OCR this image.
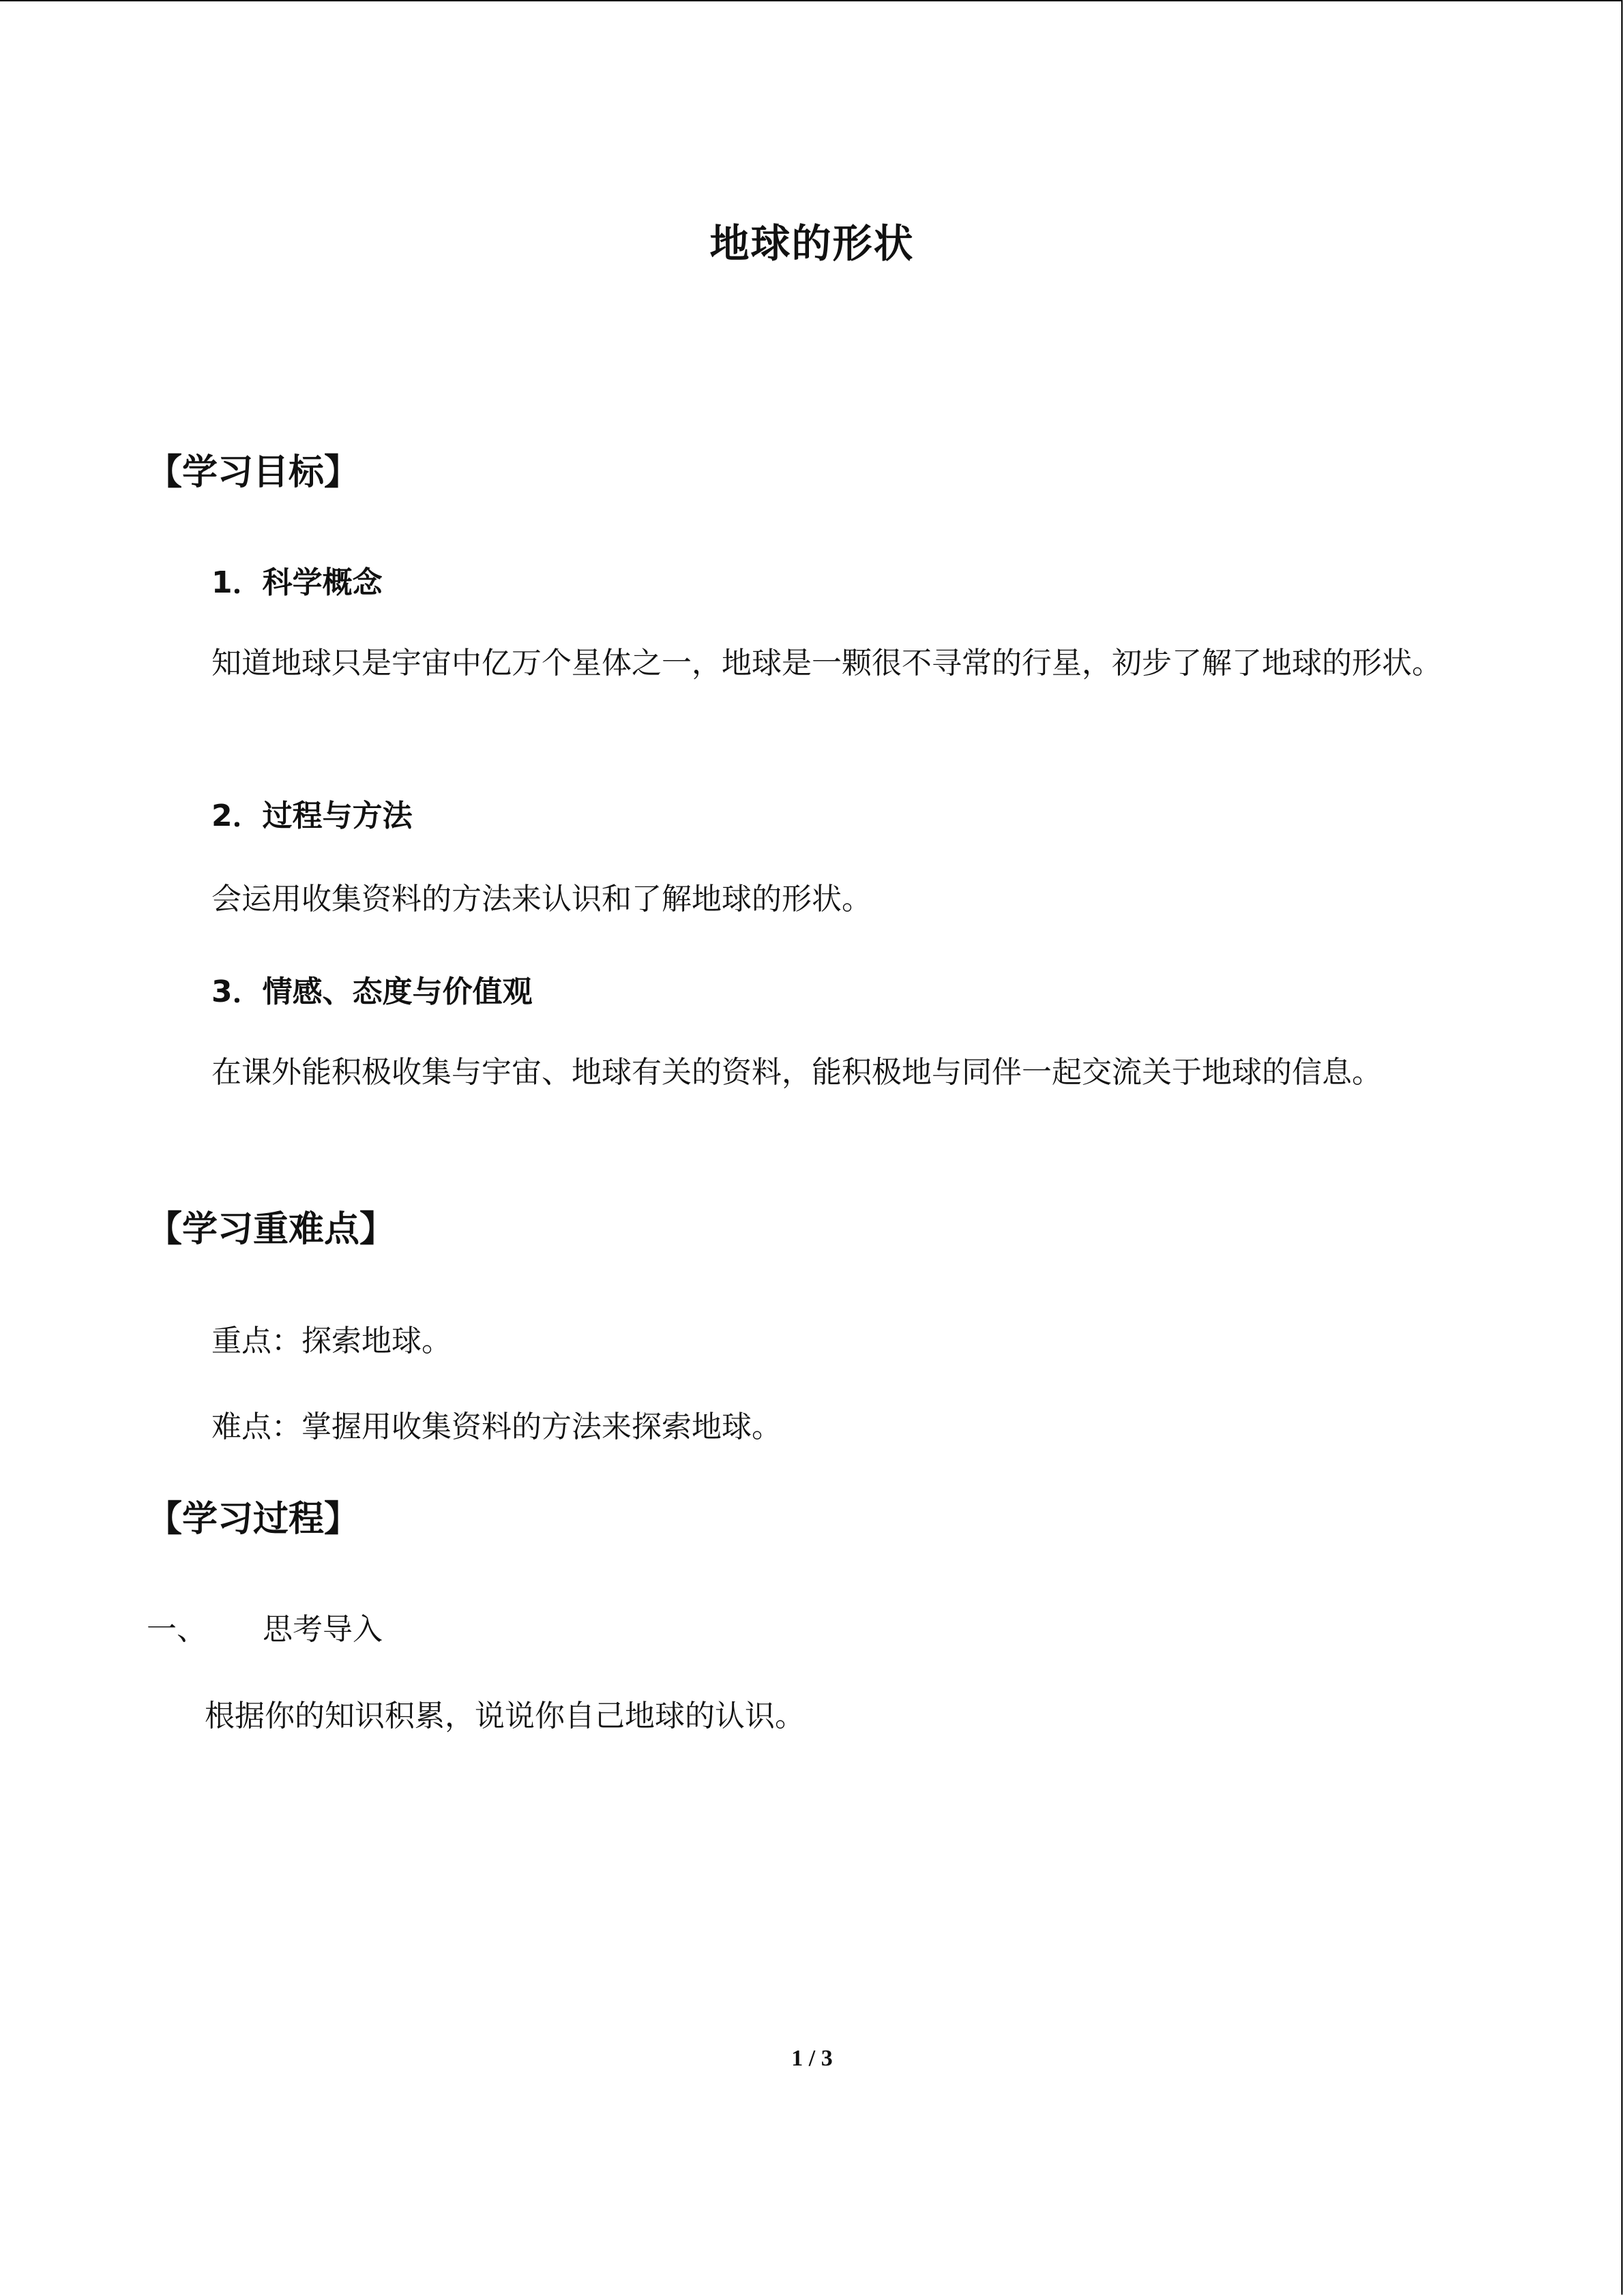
地球的形状
【学习目标】
1．科学概念
知道地球只是宇宙中亿万个星体之一，地球是一颗很不寻常的行星，初步了解了地球的形状。
2．过程与方法
会运用收集资料的方法来认识和了解地球的形状。
3．情感、态度与价值观
在课外能积极收集与宇宙、地球有关的资料，能积极地与同伴一起交流关于地球的信息。
【学习重难点】
重点：探索地球。
难点：掌握用收集资料的方法来探索地球。
【学习过程】
一、 思考导入
根据你的知识积累，说说你自己地球的认识。
1 / 3
